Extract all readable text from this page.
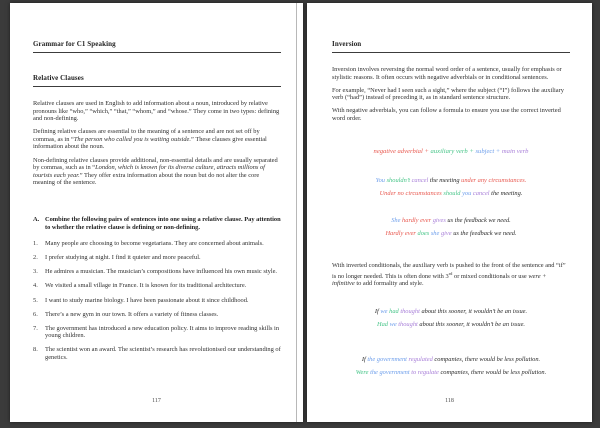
Grammar for C1 Speaking
Relative Clauses

Relative clauses are used in English to add information about a noun, introduced by relative pronouns like “who,” “which,” “that,” “whom,” and “whose.” They come in two types: defining and non-defining.

Defining relative clauses are essential to the meaning of a sentence and are not set off by commas, as in “The person who called you is waiting outside.” These clauses give essential information about the noun.

Non-defining relative clauses provide additional, non-essential details and are usually separated by commas, such as in “London, which is known for its diverse culture, attracts millions of tourists each year.” They offer extra information about the noun but do not alter the core meaning of the sentence.

A. Combine the following pairs of sentences into one using a relative clause. Pay attention to whether the relative clause is defining or non-defining.
1.	Many people are choosing to become vegetarians. They are concerned about animals.
2.	I prefer studying at night. I find it quieter and more peaceful.
3.	He admires a musician. The musician’s compositions have influenced his own music style.
4.	We visited a small village in France. It is known for its traditional architecture.
5.	I want to study marine biology. I have been passionate about it since childhood.
6.	There’s a new gym in our town. It offers a variety of fitness classes.
7.	The government has introduced a new education policy. It aims to improve reading skills in young children.
8.	The scientist won an award. The scientist’s research has revolutionised our understanding of genetics.
117
Inversion

Inversion involves reversing the normal word order of a sentence, usually for emphasis or stylistic reasons. It often occurs with negative adverbials or in conditional sentences.

For example, “Never had I seen such a sight,” where the subject (“I”) follows the auxiliary verb (“had”) instead of preceding it, as in standard sentence structure.

With negative adverbials, you can follow a formula to ensure you use the correct inverted word order.

negative adverbial + auxiliary verb + subject + main verb

You shouldn’t cancel the meeting under any circumstances.

Under no circumstances should you cancel the meeting.

She hardly ever gives us the feedback we need.

Hardly ever does she give us the feedback we need.

With inverted conditionals, the auxiliary verb is pushed to the front of the sentence and “if” is no longer needed. This is often done with 3rd or mixed conditionals or use were + infinitive to add formality and style.

If we had thought about this sooner, it wouldn’t be an issue.

Had we thought about this sooner, it wouldn’t be an issue.

If the government regulated companies, there would be less pollution.

Were the government to regulate companies, there would be less pollution.

118
